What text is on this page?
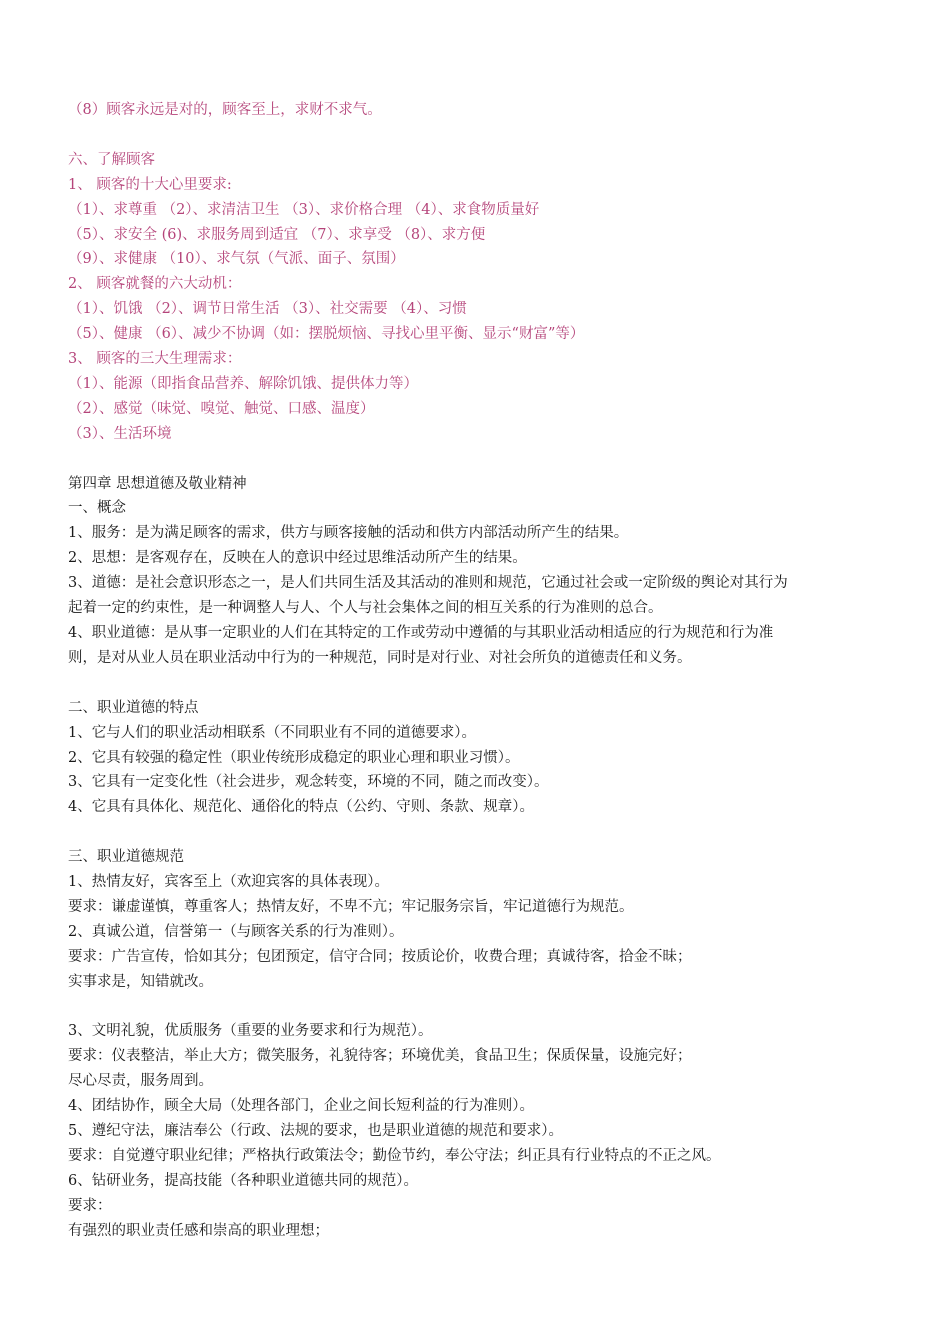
（8）顾客永远是对的，顾客至上，求财不求气。
六、了解顾客
1、 顾客的十大心里要求:
（1）、求尊重 （2）、求清洁卫生 （3）、求价格合理 （4）、求食物质量好
（5）、求安全 (6)、求服务周到适宜 （7）、求享受 （8）、求方便
（9）、求健康 （10）、求气氛（气派、面子、氛围）
2、 顾客就餐的六大动机：
（1）、饥饿 （2）、调节日常生活 （3）、社交需要 （4）、习惯
（5）、健康 （6）、减少不协调（如：摆脱烦恼、寻找心里平衡、显示“财富”等）
3、 顾客的三大生理需求：
（1）、能源（即指食品营养、解除饥饿、提供体力等）
（2）、感觉（味觉、嗅觉、触觉、口感、温度）
（3）、生活环境
第四章 思想道德及敬业精神
一、概念
1、服务：是为满足顾客的需求，供方与顾客接触的活动和供方内部活动所产生的结果。
2、思想：是客观存在，反映在人的意识中经过思维活动所产生的结果。
3、道德：是社会意识形态之一，是人们共同生活及其活动的准则和规范，它通过社会或一定阶级的舆论对其行为
起着一定的约束性，是一种调整人与人、个人与社会集体之间的相互关系的行为准则的总合。
4、职业道德：是从事一定职业的人们在其特定的工作或劳动中遵循的与其职业活动相适应的行为规范和行为准
则，是对从业人员在职业活动中行为的一种规范，同时是对行业、对社会所负的道德责任和义务。
二、职业道德的特点
1、它与人们的职业活动相联系（不同职业有不同的道德要求）。
2、它具有较强的稳定性（职业传统形成稳定的职业心理和职业习惯）。
3、它具有一定变化性（社会进步，观念转变，环境的不同，随之而改变）。
4、它具有具体化、规范化、通俗化的特点（公约、守则、条款、规章）。
三、职业道德规范
1、热情友好，宾客至上（欢迎宾客的具体表现）。
要求：谦虚谨慎，尊重客人；热情友好，不卑不亢；牢记服务宗旨，牢记道德行为规范。
2、真诚公道，信誉第一（与顾客关系的行为准则）。
要求：广告宣传，恰如其分；包团预定，信守合同；按质论价，收费合理；真诚待客，拾金不昧；
实事求是，知错就改。
3、文明礼貌，优质服务（重要的业务要求和行为规范）。
要求：仪表整洁，举止大方；微笑服务，礼貌待客；环境优美，食品卫生；保质保量，设施完好；
尽心尽责，服务周到。
4、团结协作，顾全大局（处理各部门，企业之间长短利益的行为准则）。
5、遵纪守法，廉洁奉公（行政、法规的要求，也是职业道德的规范和要求）。
要求：自觉遵守职业纪律；严格执行政策法令；勤俭节约，奉公守法；纠正具有行业特点的不正之风。
6、钻研业务，提高技能（各种职业道德共同的规范）。
要求：
有强烈的职业责任感和崇高的职业理想；
